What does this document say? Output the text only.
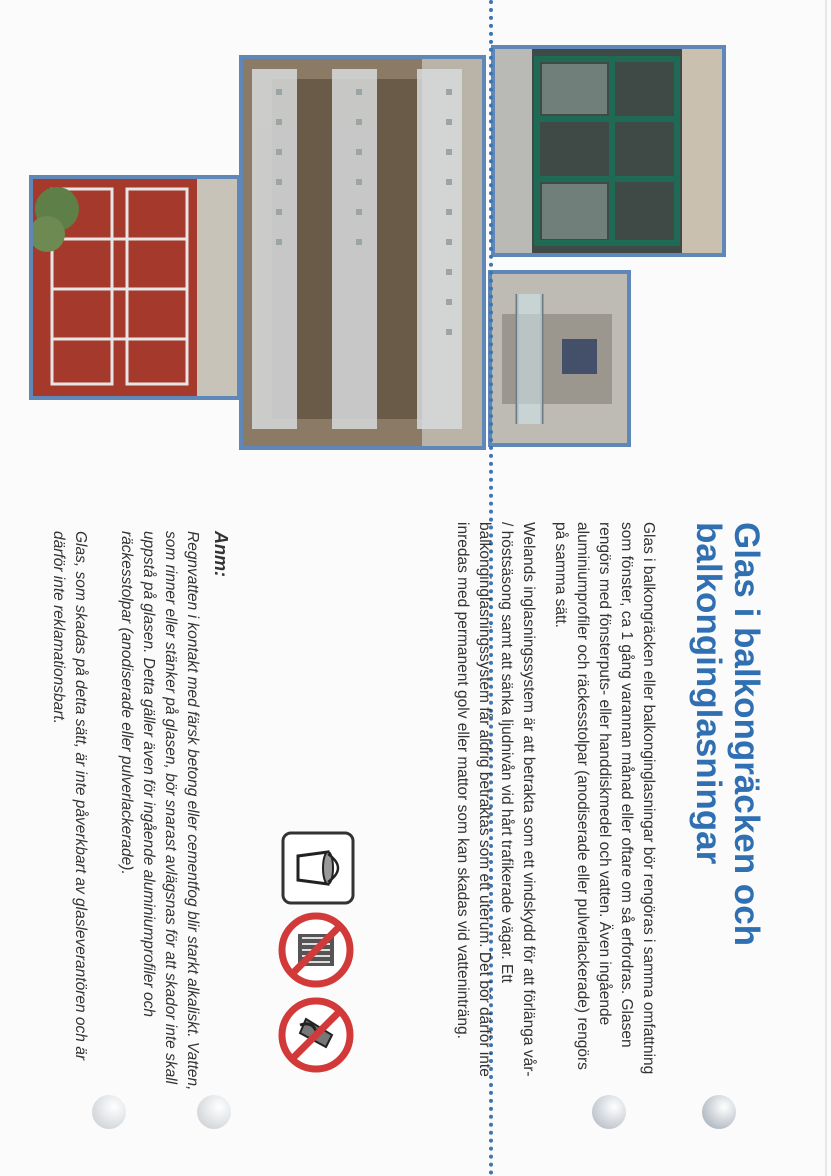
Glas i balkongräcken och balkonginglasningar

Glas i balkongräcken eller balkonginglasningar bör rengöras i samma omfattning som fönster, ca 1 gång varannan månad eller oftare om så erfordras. Glasen rengörs med fönsterputs- eller handdiskmedel och vatten. Även ingående aluminiumprofiler och räckesstolpar (anodiserade eller pulverlackerade) rengörs på samma sätt.

Welands inglasningssystem är att betrakta som ett vindskydd för att förlänga vår- / höstsäsong samt att sänka ljudnivån vid hårt trafikerade vägar. Ett balkonginglasningssystem får aldrig betraktas som ett uterum. Det bör därför inte inredas med permanent golv eller mattor som kan skadas vid vatteninträng.

Anm:

Regnvatten i kontakt med färsk betong eller cementfog blir starkt alkaliskt. Vatten, som rinner eller stänker på glasen, bör snarast avlägsnas för att skador inte skall uppstå på glasen. Detta gäller även för ingående aluminiumprofiler och räckesstolpar (anodiserade eller pulverlackerade).

Glas, som skadas på detta sätt, är inte påverkbart av glasleverantören och är därför inte reklamationsbart.
